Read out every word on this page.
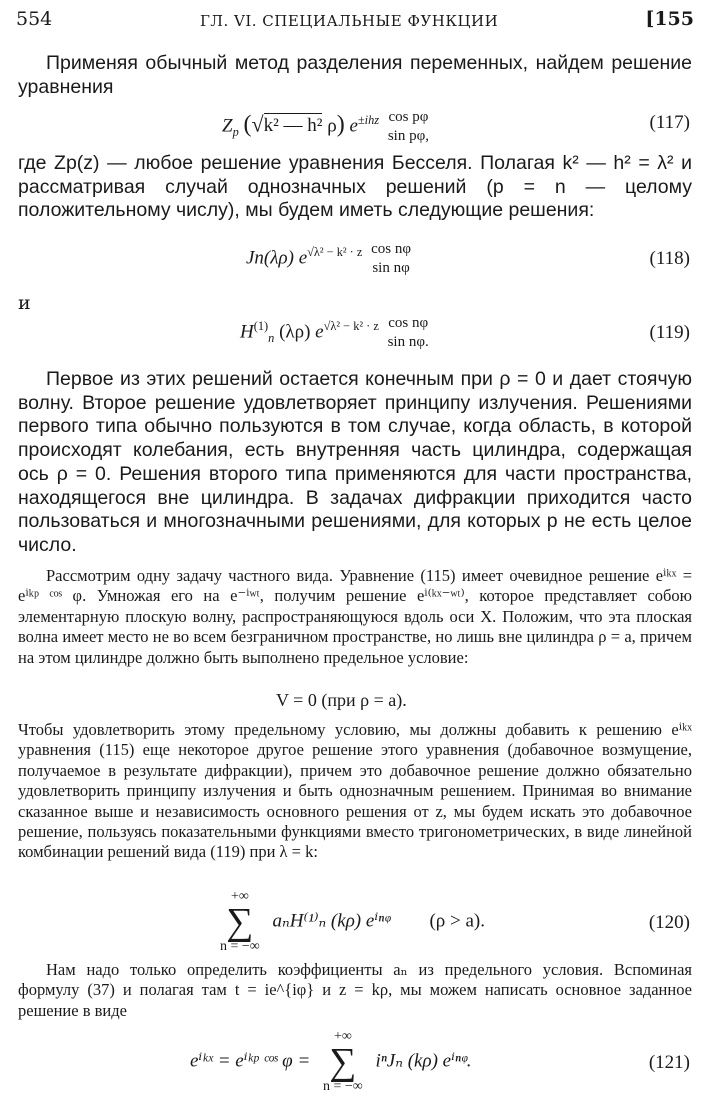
554	ГЛ. VI. СПЕЦИАЛЬНЫЕ ФУНКЦИИ	[155

Применяя обычный метод разделения переменных, найдем решение уравнения

$Z_p$ (√k² — h² ρ) $e^{\pm ihz}$ cos pφ
sin pφ,
(117)

где Zp(z) — любое решение уравнения Бесселя. Полагая k² — h² = λ² и рассматривая случай однозначных решений (p = n — целому положительному числу), мы будем иметь следующие решения:

Jn(λρ) $e^{√\lambda^2 - k^2 \cdot z}$ cos nφ
sin nφ	(118)
и
$H^{(1)}_n$ (λρ) $e^{√\lambda^2 - k^2 \cdot z}$ cos nφ
sin nφ.	(119)

Первое из этих решений остается конечным при ρ = 0 и дает стоячую волну. Второе решение удовлетворяет принципу излучения. Решениями первого типа обычно пользуются в том случае, когда область, в которой происходят колебания, есть внутренняя часть цилиндра, содержащая ось ρ = 0. Решения второго типа применяются для части пространства, находящегося вне цилиндра. В задачах дифракции приходится часто пользоваться и многозначными решениями, для которых p не есть целое число.

Рассмотрим одну задачу частного вида. Уравнение (115) имеет очевидное решение eⁱᵏˣ = eⁱᵏᵖ ᶜᵒˢ φ. Умножая его на e⁻ⁱʷᵗ, получим решение eⁱ⁽ᵏˣ⁻ʷᵗ⁾, которое представляет собою элементарную плоскую волну, распространяющуюся вдоль оси X. Положим, что эта плоская волна имеет место не во всем безграничном пространстве, но лишь вне цилиндра ρ = a, причем на этом цилиндре должно быть выполнено предельное условие:

V = 0 (при ρ = a).

Чтобы удовлетворить этому предельному условию, мы должны добавить к решению eⁱᵏˣ уравнения (115) еще некоторое другое решение этого уравнения (добавочное возмущение, получаемое в результате дифракции), причем это добавочное решение должно обязательно удовлетворить принципу излучения и быть однозначным решением. Принимая во внимание сказанное выше и независимость основного решения от z, мы будем искать это добавочное решение, пользуясь показательными функциями вместо тригонометрических, в виде линейной комбинации решений вида (119) при λ = k:

+∞
∑
n = −∞
aₙH⁽¹⁾ₙ (kρ) eⁱⁿᵠ (ρ > a).	(120)

Нам надо только определить коэффициенты aₙ из предельного условия. Вспоминая формулу (37) и полагая там t = ie^{iφ} и z = kρ, мы можем написать основное заданное решение в виде

eⁱᵏˣ = eⁱᵏᵖ ᶜᵒˢ φ =
+∞
∑
n = −∞
iⁿJₙ (kρ) eⁱⁿᵠ.	(121)
